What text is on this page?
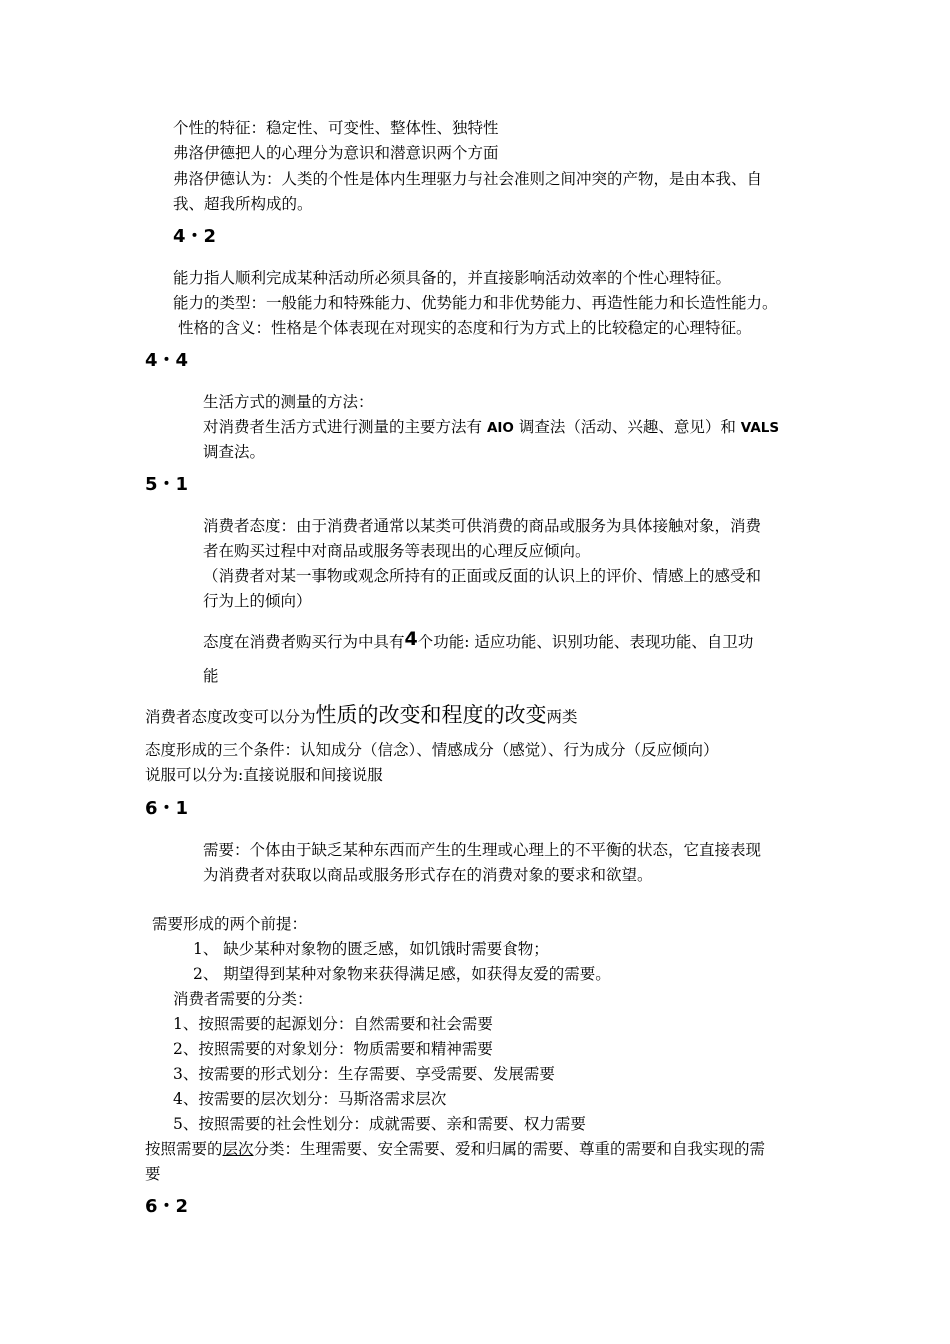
个性的特征：稳定性、可变性、整体性、独特性
弗洛伊德把人的心理分为意识和潜意识两个方面
弗洛伊德认为：人类的个性是体内生理驱力与社会准则之间冲突的产物，是由本我、自
我、超我所构成的。
4・2
能力指人顺利完成某种活动所必须具备的，并直接影响活动效率的个性心理特征。
能力的类型：一般能力和特殊能力、优势能力和非优势能力、再造性能力和长造性能力。
性格的含义：性格是个体表现在对现实的态度和行为方式上的比较稳定的心理特征。
4・4
生活方式的测量的方法：
对消费者生活方式进行测量的主要方法有 AIO 调查法（活动、兴趣、意见）和 VALS
调查法。
5・1
消费者态度：由于消费者通常以某类可供消费的商品或服务为具体接触对象，消费
者在购买过程中对商品或服务等表现出的心理反应倾向。
（消费者对某一事物或观念所持有的正面或反面的认识上的评价、情感上的感受和
行为上的倾向）
态度在消费者购买行为中具有4个功能: 适应功能、识别功能、表现功能、自卫功
能
消费者态度改变可以分为性质的改变和程度的改变两类
态度形成的三个条件：认知成分（信念）、情感成分（感觉）、行为成分（反应倾向）
说服可以分为:直接说服和间接说服
6・1
需要：个体由于缺乏某种东西而产生的生理或心理上的不平衡的状态，它直接表现
为消费者对获取以商品或服务形式存在的消费对象的要求和欲望。
需要形成的两个前提：
1、 缺少某种对象物的匮乏感，如饥饿时需要食物；
2、 期望得到某种对象物来获得满足感，如获得友爱的需要。
消费者需要的分类：
1、按照需要的起源划分：自然需要和社会需要
2、按照需要的对象划分：物质需要和精神需要
3、按需要的形式划分：生存需要、享受需要、发展需要
4、按需要的层次划分：马斯洛需求层次
5、按照需要的社会性划分：成就需要、亲和需要、权力需要
按照需要的层次分类：生理需要、安全需要、爱和归属的需要、尊重的需要和自我实现的需
要
6・2
